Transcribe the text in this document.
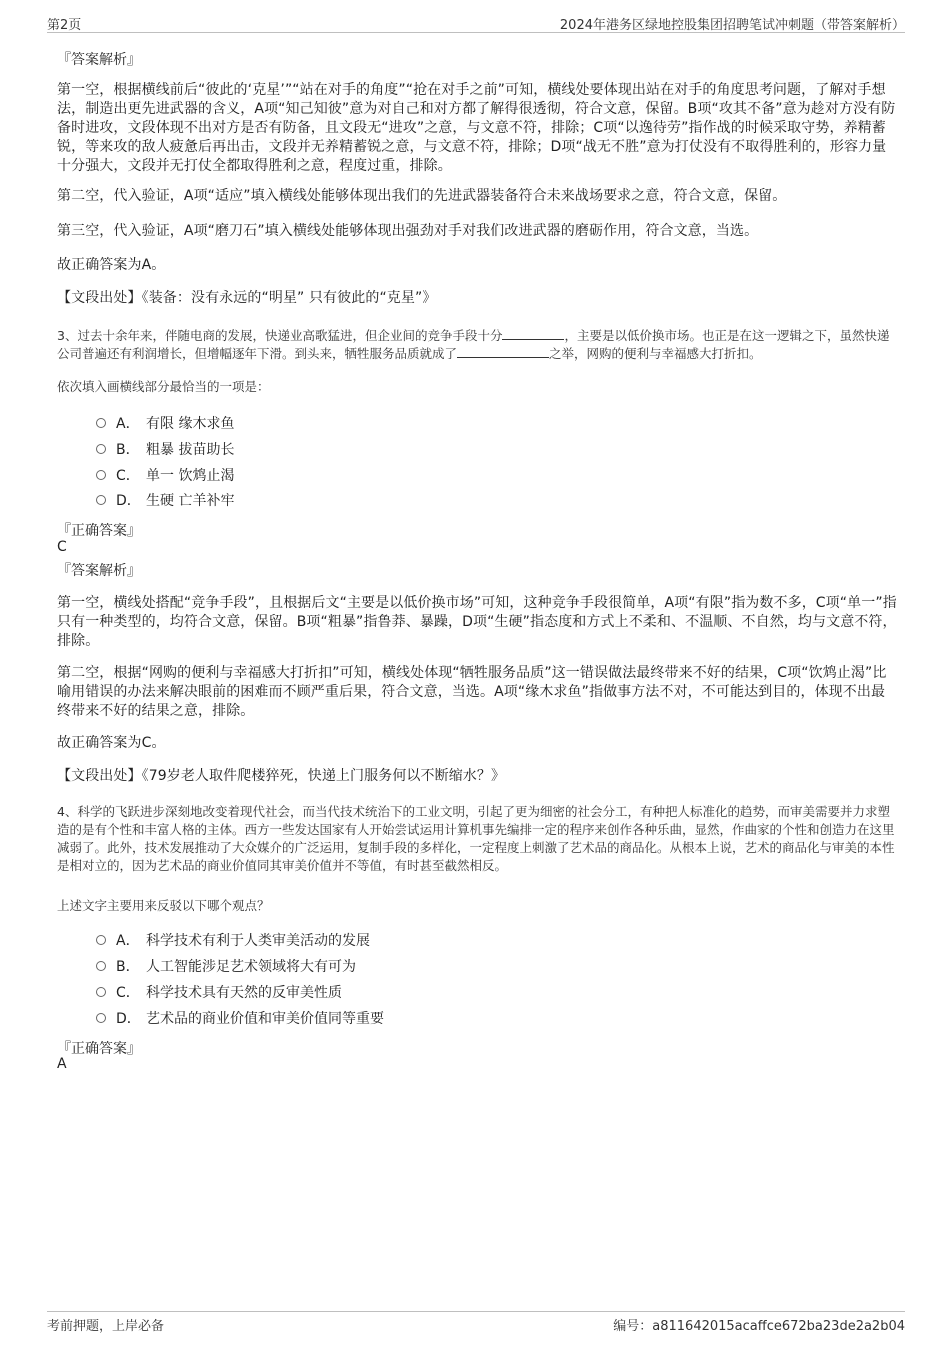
第2页	2024年港务区绿地控股集团招聘笔试冲刺题（带答案解析）
『答案解析』
第一空，根据横线前后“彼此的‘克星’”“站在对手的角度”“抢在对手之前”可知，横线处要体现出站在对手的角度思考问题，了解对手想法，制造出更先进武器的含义，A项“知己知彼”意为对自己和对方都了解得很透彻，符合文意，保留。B项“攻其不备”意为趁对方没有防备时进攻，文段体现不出对方是否有防备，且文段无“进攻”之意，与文意不符，排除；C项“以逸待劳”指作战的时候采取守势，养精蓄锐，等来攻的敌人疲惫后再出击，文段并无养精蓄锐之意，与文意不符，排除；D项“战无不胜”意为打仗没有不取得胜利的，形容力量十分强大，文段并无打仗全都取得胜利之意，程度过重，排除。
第二空，代入验证，A项“适应”填入横线处能够体现出我们的先进武器装备符合未来战场要求之意，符合文意，保留。
第三空，代入验证，A项“磨刀石”填入横线处能够体现出强劲对手对我们改进武器的磨砺作用，符合文意，当选。
故正确答案为A。
【文段出处】《装备：没有永远的“明星” 只有彼此的“克星”》
3、过去十余年来，伴随电商的发展，快递业高歌猛进，但企业间的竞争手段十分	，主要是以低价换市场。也正是在这一逻辑之下，虽然快递公司普遍还有利润增长，但增幅逐年下滑。到头来，牺牲服务品质就成了	之举，网购的便利与幸福感大打折扣。
依次填入画横线部分最恰当的一项是：
A． 有限 缘木求鱼
B． 粗暴 拔苗助长
C． 单一 饮鸩止渴
D． 生硬 亡羊补牢
『正确答案』
C
『答案解析』
第一空，横线处搭配“竞争手段”，且根据后文“主要是以低价换市场”可知，这种竞争手段很简单，A项“有限”指为数不多，C项“单一”指只有一种类型的，均符合文意，保留。B项“粗暴”指鲁莽、暴躁，D项“生硬”指态度和方式上不柔和、不温顺、不自然，均与文意不符，排除。
第二空，根据“网购的便利与幸福感大打折扣”可知，横线处体现“牺牲服务品质”这一错误做法最终带来不好的结果，C项“饮鸩止渴”比喻用错误的办法来解决眼前的困难而不顾严重后果，符合文意，当选。A项“缘木求鱼”指做事方法不对，不可能达到目的，体现不出最终带来不好的结果之意，排除。
故正确答案为C。
【文段出处】《79岁老人取件爬楼猝死，快递上门服务何以不断缩水？》
4、科学的飞跃进步深刻地改变着现代社会，而当代技术统治下的工业文明，引起了更为细密的社会分工，有种把人标准化的趋势，而审美需要并力求塑造的是有个性和丰富人格的主体。西方一些发达国家有人开始尝试运用计算机事先编排一定的程序来创作各种乐曲，显然，作曲家的个性和创造力在这里减弱了。此外，技术发展推动了大众媒介的广泛运用，复制手段的多样化，一定程度上刺激了艺术品的商品化。从根本上说，艺术的商品化与审美的本性是相对立的，因为艺术品的商业价值同其审美价值并不等值，有时甚至截然相反。
上述文字主要用来反驳以下哪个观点？
A． 科学技术有利于人类审美活动的发展
B． 人工智能涉足艺术领域将大有可为
C． 科学技术具有天然的反审美性质
D． 艺术品的商业价值和审美价值同等重要
『正确答案』
A
考前押题，上岸必备	编号：a811642015acaffce672ba23de2a2b04
